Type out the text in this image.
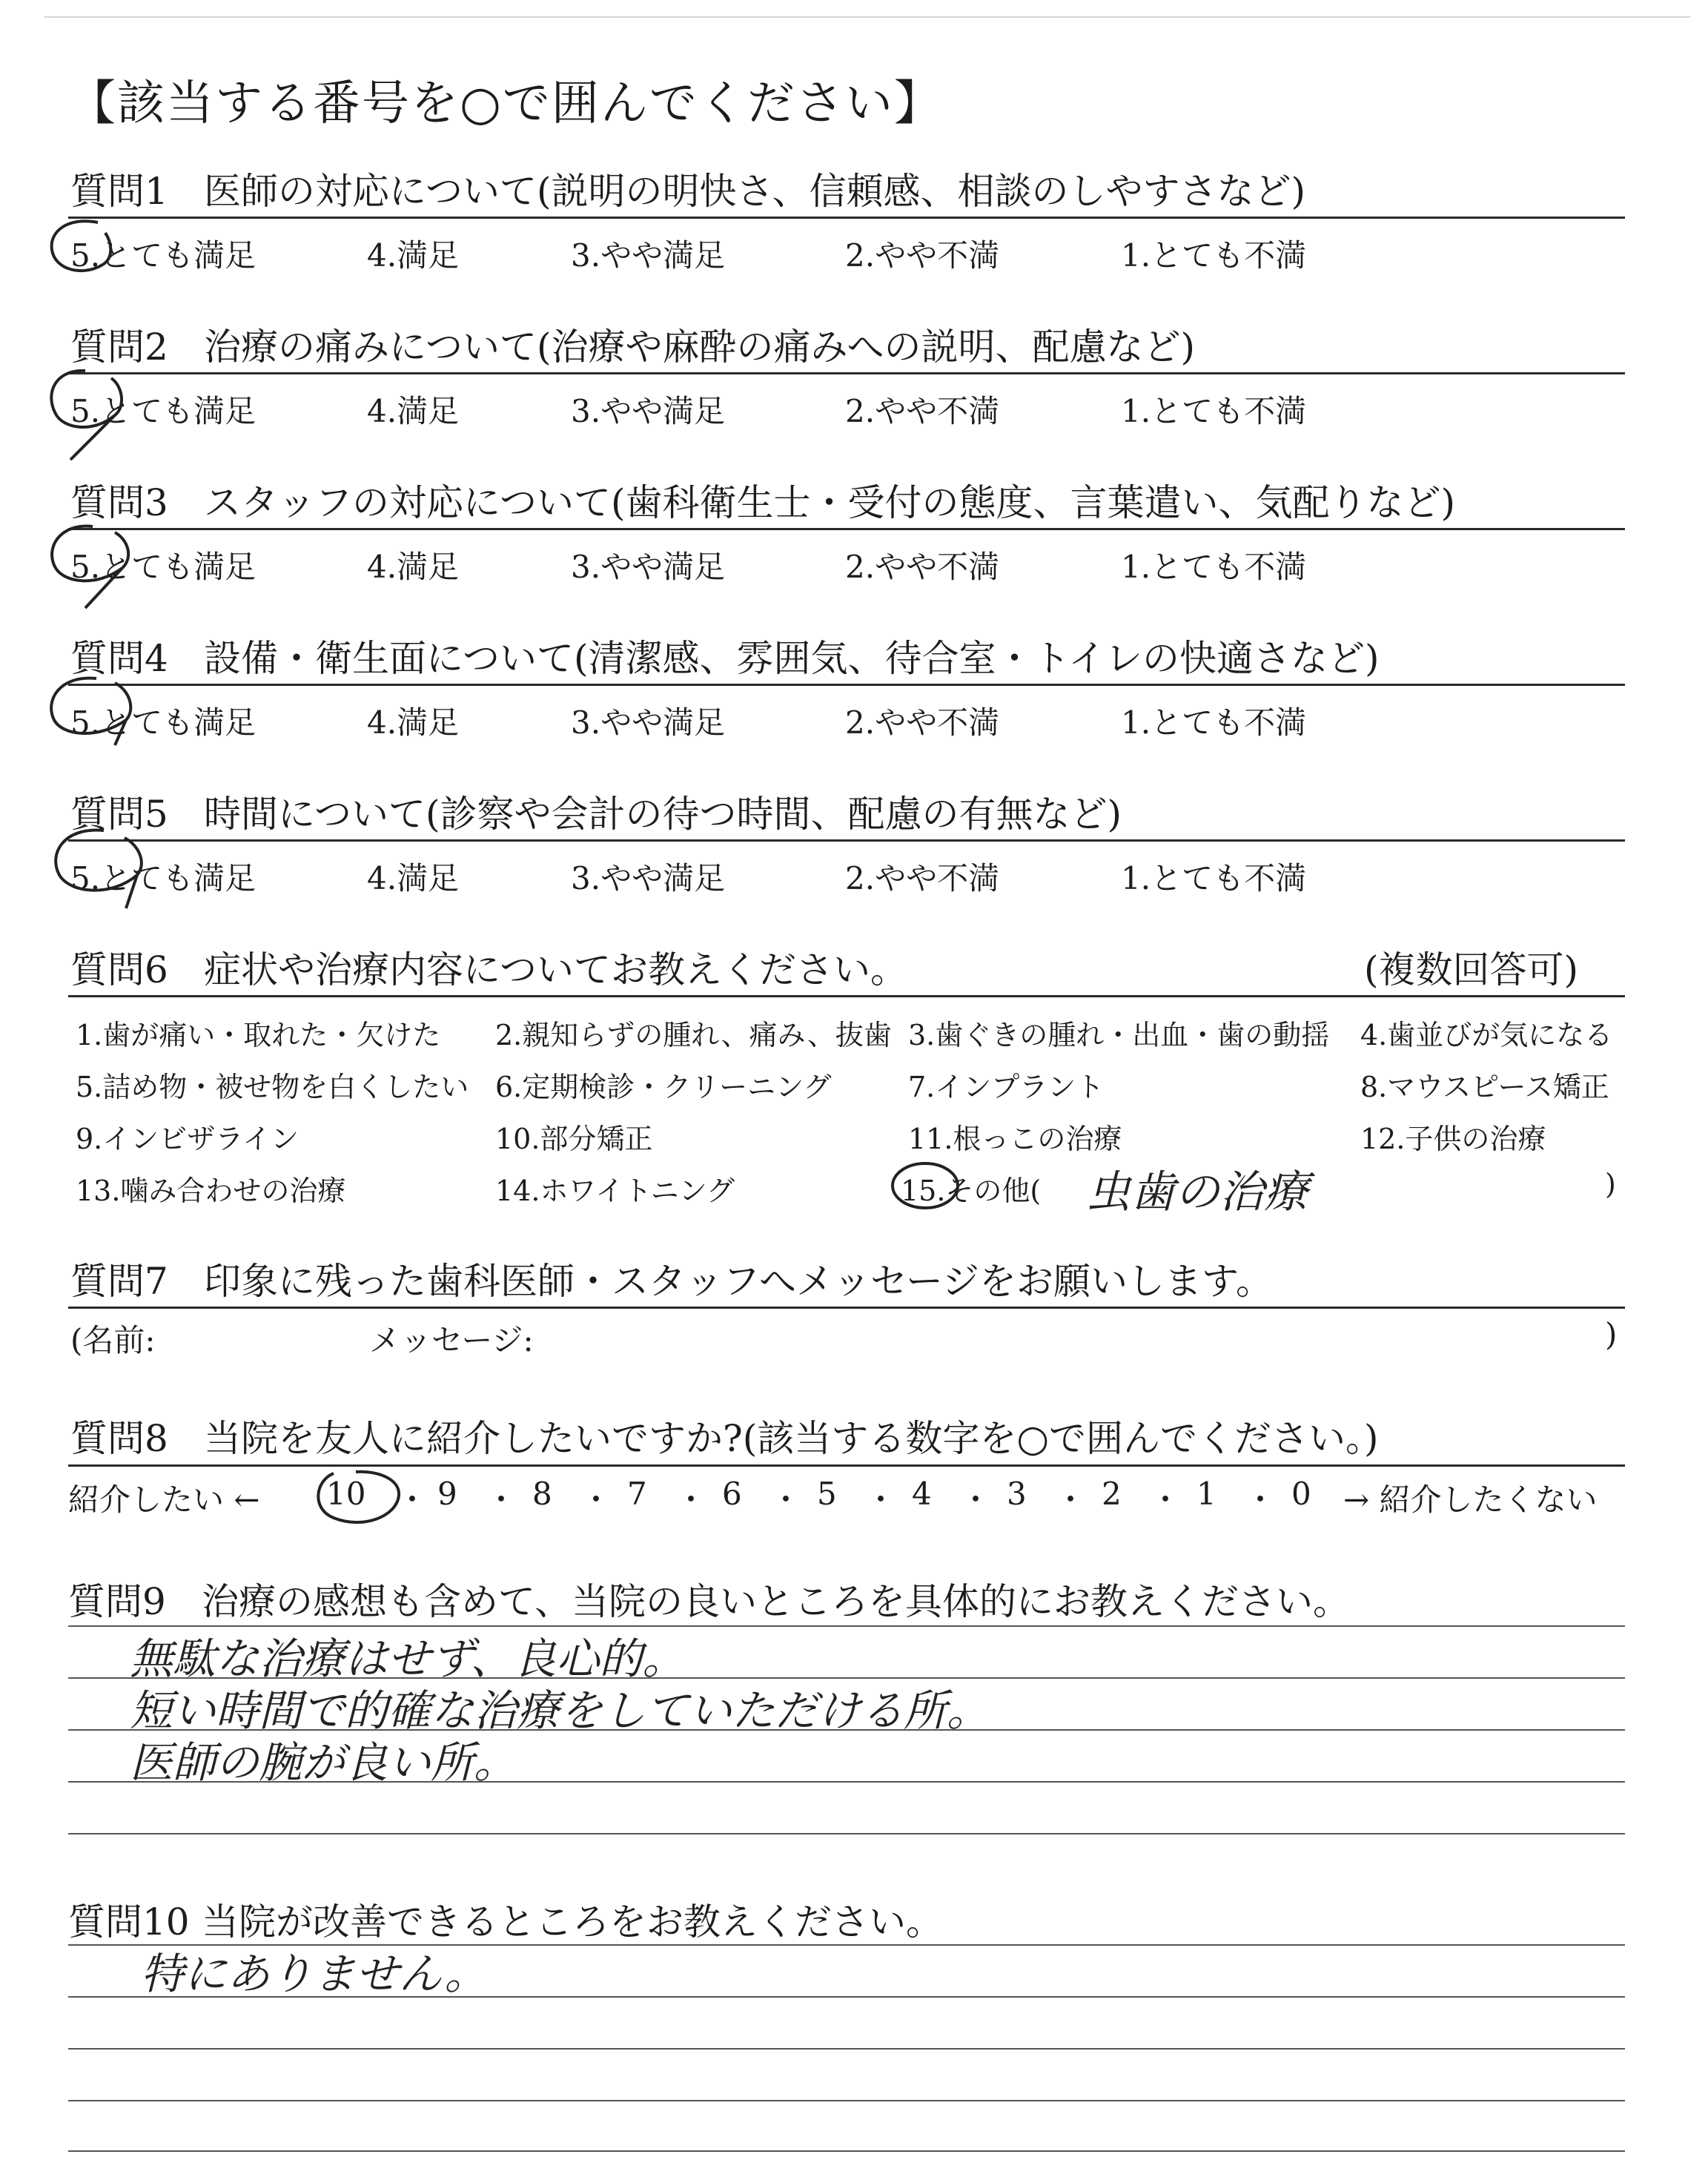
【該当する番号を○で囲んでください】
質問1 医師の対応について(説明の明快さ、信頼感、相談のしやすさなど)
5.とても満足	4.満足	3.やや満足	2.やや不満	1.とても不満
質問2 治療の痛みについて(治療や麻酔の痛みへの説明、配慮など)
5.とても満足	4.満足	3.やや満足	2.やや不満	1.とても不満
質問3 スタッフの対応について(歯科衛生士・受付の態度、言葉遣い、気配りなど)
5.とても満足	4.満足	3.やや満足	2.やや不満	1.とても不満
質問4 設備・衛生面について(清潔感、雰囲気、待合室・トイレの快適さなど)
5.とても満足	4.満足	3.やや満足	2.やや不満	1.とても不満
質問5 時間について(診察や会計の待つ時間、配慮の有無など)
5.とても満足	4.満足	3.やや満足	2.やや不満	1.とても不満
質問6 症状や治療内容についてお教えください。	(複数回答可)
1.歯が痛い・取れた・欠けた 2.親知らずの腫れ、痛み、抜歯 3.歯ぐきの腫れ・出血・歯の動揺 4.歯並びが気になる
5.詰め物・被せ物を白くしたい 6.定期検診・クリーニング	7.インプラント	8.マウスピース矯正
9.インビザライン	10.部分矯正	11.根っこの治療	12.子供の治療
13.噛み合わせの治療	14.ホワイトニング	15.その他( 虫歯の治療	)
質問7 印象に残った歯科医師・スタッフへメッセージをお願いします。
(名前:	メッセージ:	)
質問8 当院を友人に紹介したいですか?(該当する数字を○で囲んでください。)
紹介したい ← 10 ・ 9 ・ 8 ・ 7 ・ 6 ・ 5 ・ 4 ・ 3 ・ 2 ・ 1 ・ 0 → 紹介したくない
質問9 治療の感想も含めて、当院の良いところを具体的にお教えください。
無駄な治療はせず、良心的。
短い時間で的確な治療をしていただける所。
医師の腕が良い所。
質問10 当院が改善できるところをお教えください。
特にありません。
